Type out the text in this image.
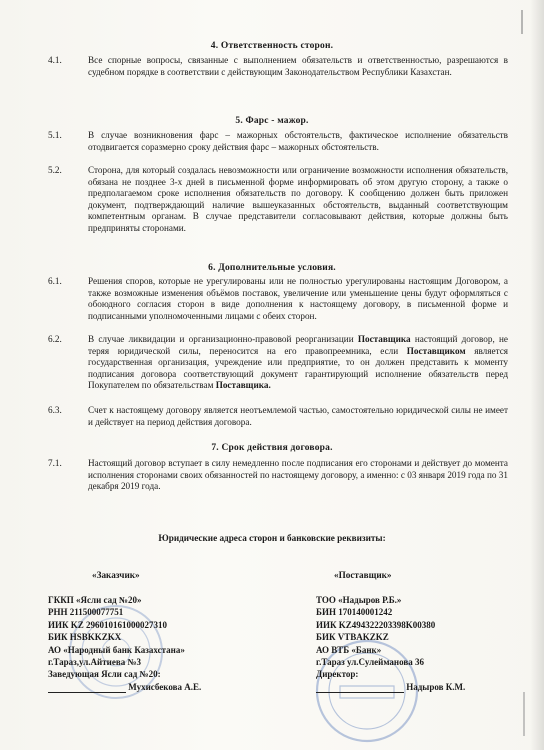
4. Ответственность сторон.
4.1.	Все спорные вопросы, связанные с выполнением обязательств и ответственностью, разрешаются в судебном порядке в соответствии с действующим Законодательством Республики Казахстан.
5. Фарс - мажор.
5.1.	В случае возникновения фарс – мажорных обстоятельств, фактическое исполнение обязательств отодвигается соразмерно сроку действия фарс – мажорных обстоятельств.
5.2.	Сторона, для который создалась невозможности или ограничение возможности исполнения обязательств, обязана не позднее 3-х дней в письменной форме информировать об этом другую сторону, а также о предполагаемом сроке исполнения обязательств по договору. К сообщению должен быть приложен документ, подтверждающий наличие вышеуказанных обстоятельств, выданный соответствующим компетентным органам. В случае представители согласовывают действия, которые должны быть предприняты сторонами.
6. Дополнительные условия.
6.1.	Решения споров, которые не урегулированы или не полностью урегулированы настоящим Договором, а также возможные изменения объёмов поставок, увеличение или уменьшение цены будут оформляться с обоюдного согласия сторон в виде дополнения к настоящему договору, в письменной форме и подписанными уполномоченными лицами с обеих сторон.
6.2.	В случае ликвидации и организационно-правовой реорганизации Поставщика настоящий договор, не теряя юридической силы, переносится на его правопреемника, если Поставщиком является государственная организация, учреждение или предприятие, то он должен представить к моменту подписания договора соответствующий документ гарантирующий исполнение обязательств перед Покупателем по обязательствам Поставщика.
6.3.	Счет к настоящему договору является неотъемлемой частью, самостоятельно юридической силы не имеет и действует на период действия договора.
7. Срок действия договора.
7.1.	Настоящий договор вступает в силу немедленно после подписания его сторонами и действует до момента исполнения сторонами своих обязанностей по настоящему договору, а именно: с 03 января 2019 года по 31 декабря 2019 года.
Юридические адреса сторон и банковские реквизиты:
«Заказчик»	«Поставщик»
ГККП «Ясли сад №20»
РНН 211500077751
ИИК KZ 296010161000027310
БИК HSBKKZKX
АО «Народный банк Казахстана»
г.Тараз,ул.Айтиева №3
Заведующая Ясли сад №20:
Мухисбекова А.Е.
ТОО «Надыров Р.Б.»
БИН 170140001242
ИИК KZ494322203398K00380
БИК VTBAKZKZ
АО ВТБ «Банк»
г.Тараз ул.Сулейманова 36
Директор:
Надыров К.М.
